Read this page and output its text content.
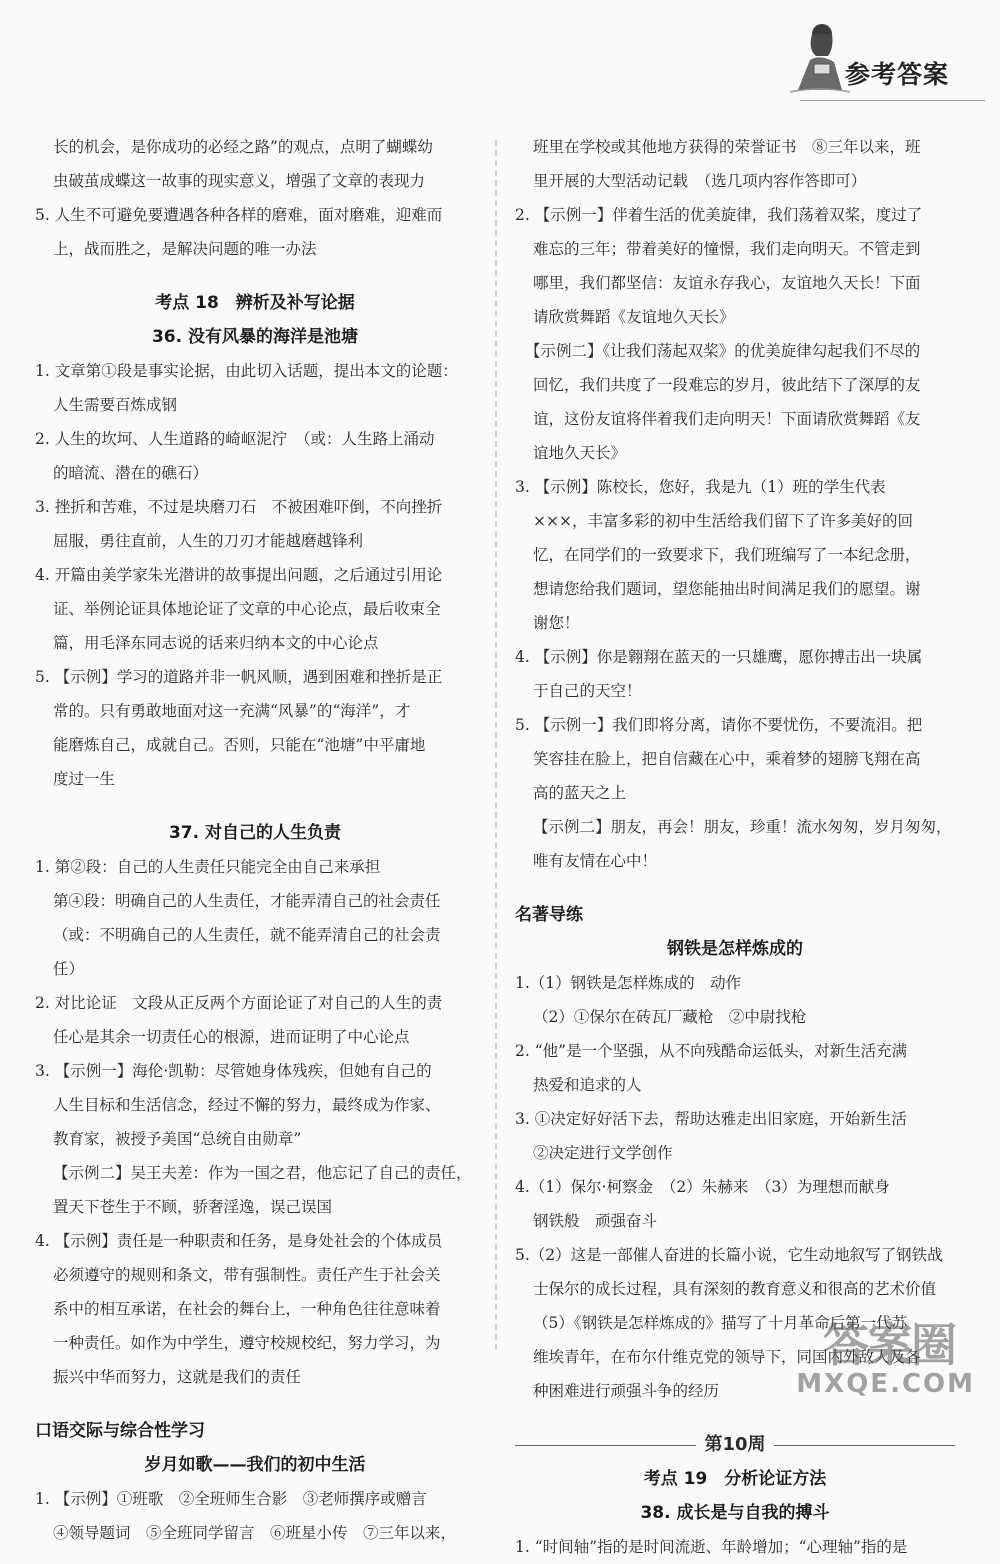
参考答案
长的机会，是你成功的必经之路”的观点，点明了蝴蝶幼
虫破茧成蝶这一故事的现实意义，增强了文章的表现力
5. 人生不可避免要遭遇各种各样的磨难，面对磨难，迎难而
上，战而胜之，是解决问题的唯一办法
考点 18　辨析及补写论据
36. 没有风暴的海洋是池塘
1. 文章第①段是事实论据，由此切入话题，提出本文的论题：
人生需要百炼成钢
2. 人生的坎坷、人生道路的崎岖泥泞　（或：人生路上涌动
的暗流、潜在的礁石）
3. 挫折和苦难，不过是块磨刀石　不被困难吓倒，不向挫折
屈服，勇往直前，人生的刀刃才能越磨越锋利
4. 开篇由美学家朱光潜讲的故事提出问题，之后通过引用论
证、举例论证具体地论证了文章的中心论点，最后收束全
篇，用毛泽东同志说的话来归纳本文的中心论点
5. 【示例】学习的道路并非一帆风顺，遇到困难和挫折是正
常的。只有勇敢地面对这一充满“风暴”的“海洋”，才
能磨炼自己，成就自己。否则，只能在“池塘”中平庸地
度过一生
37. 对自己的人生负责
1. 第②段：自己的人生责任只能完全由自己来承担
第④段：明确自己的人生责任，才能弄清自己的社会责任
（或：不明确自己的人生责任，就不能弄清自己的社会责
任）
2. 对比论证　文段从正反两个方面论证了对自己的人生的责
任心是其余一切责任心的根源，进而证明了中心论点
3. 【示例一】海伦·凯勒：尽管她身体残疾，但她有自己的
人生目标和生活信念，经过不懈的努力，最终成为作家、
教育家，被授予美国“总统自由勋章”
【示例二】吴王夫差：作为一国之君，他忘记了自己的责任，
置天下苍生于不顾，骄奢淫逸，误己误国
4. 【示例】责任是一种职责和任务，是身处社会的个体成员
必须遵守的规则和条文，带有强制性。责任产生于社会关
系中的相互承诺，在社会的舞台上，一种角色往往意味着
一种责任。如作为中学生，遵守校规校纪，努力学习，为
振兴中华而努力，这就是我们的责任
口语交际与综合性学习
岁月如歌——我们的初中生活
1. 【示例】①班歌　②全班师生合影　③老师撰序或赠言
④领导题词　⑤全班同学留言　⑥班星小传　⑦三年以来，
班里在学校或其他地方获得的荣誉证书　⑧三年以来，班
里开展的大型活动记载　（选几项内容作答即可）
2. 【示例一】伴着生活的优美旋律，我们荡着双桨，度过了
难忘的三年；带着美好的憧憬，我们走向明天。不管走到
哪里，我们都坚信：友谊永存我心，友谊地久天长！下面
请欣赏舞蹈《友谊地久天长》
【示例二】《让我们荡起双桨》的优美旋律勾起我们不尽的
回忆，我们共度了一段难忘的岁月，彼此结下了深厚的友
谊，这份友谊将伴着我们走向明天！下面请欣赏舞蹈《友
谊地久天长》
3. 【示例】陈校长，您好，我是九（1）班的学生代表
×××，丰富多彩的初中生活给我们留下了许多美好的回
忆，在同学们的一致要求下，我们班编写了一本纪念册，
想请您给我们题词，望您能抽出时间满足我们的愿望。谢
谢您！
4. 【示例】你是翱翔在蓝天的一只雄鹰，愿你搏击出一块属
于自己的天空！
5. 【示例一】我们即将分离，请你不要忧伤，不要流泪。把
笑容挂在脸上，把自信藏在心中，乘着梦的翅膀飞翔在高
高的蓝天之上
【示例二】朋友，再会！朋友，珍重！流水匆匆，岁月匆匆，
唯有友情在心中！
名著导练
钢铁是怎样炼成的
1.（1）钢铁是怎样炼成的　动作
（2）①保尔在砖瓦厂藏枪　②中尉找枪
2. “他”是一个坚强，从不向残酷命运低头，对新生活充满
热爱和追求的人
3. ①决定好好活下去，帮助达雅走出旧家庭，开始新生活
②决定进行文学创作
4.（1）保尔·柯察金　（2）朱赫来　（3）为理想而献身
钢铁般　顽强奋斗
5.（2）这是一部催人奋进的长篇小说，它生动地叙写了钢铁战
士保尔的成长过程，具有深刻的教育意义和很高的艺术价值
（5）《钢铁是怎样炼成的》描写了十月革命后第一代苏
维埃青年，在布尔什维克党的领导下，同国内外敌人及各
种困难进行顽强斗争的经历
第10周
考点 19　分析论证方法
38. 成长是与自我的搏斗
1. “时间轴”指的是时间流逝、年龄增加；“心理轴”指的是
答案圈
MXQE.COM
